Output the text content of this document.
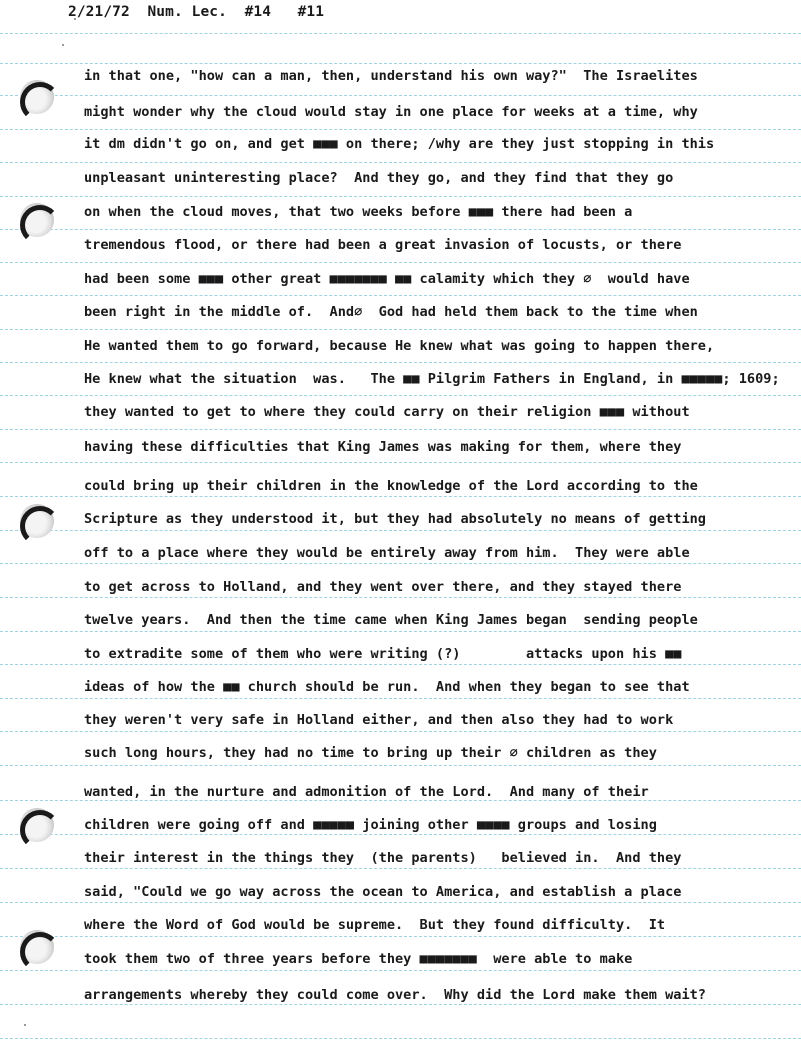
2/21/72  Num. Lec.  #14   #11
in that one, "how can a man, then, understand his own way?"  The Israelites
might wonder why the cloud would stay in one place for weeks at a time, why
it dm didn't go on, and get ■■■ on there; /why are they just stopping in this
unpleasant uninteresting place?  And they go, and they find that they go
on when the cloud moves, that two weeks before ■■■ there had been a
tremendous flood, or there had been a great invasion of locusts, or there
had been some ■■■ other great ■■■■■■■ ■■ calamity which they ∅  would have
been right in the middle of.  And∅  God had held them back to the time when
He wanted them to go forward, because He knew what was going to happen there,
He knew what the situation  was.   The ■■ Pilgrim Fathers in England, in ■■■■■; 1609;
they wanted to get to where they could carry on their religion ■■■ without
having these difficulties that King James was making for them, where they
could bring up their children in the knowledge of the Lord according to the
Scripture as they understood it, but they had absolutely no means of getting
off to a place where they would be entirely away from him.  They were able
to get across to Holland, and they went over there, and they stayed there
twelve years.  And then the time came when King James began  sending people
to extradite some of them who were writing (?)        attacks upon his ■■
ideas of how the ■■ church should be run.  And when they began to see that
they weren't very safe in Holland either, and then also they had to work
such long hours, they had no time to bring up their ∅ children as they
wanted, in the nurture and admonition of the Lord.  And many of their
children were going off and ■■■■■ joining other ■■■■ groups and losing
their interest in the things they  (the parents)   believed in.  And they
said, "Could we go way across the ocean to America, and establish a place
where the Word of God would be supreme.  But they found difficulty.  It
took them two of three years before they ■■■■■■■  were able to make
arrangements whereby they could come over.  Why did the Lord make them wait?
